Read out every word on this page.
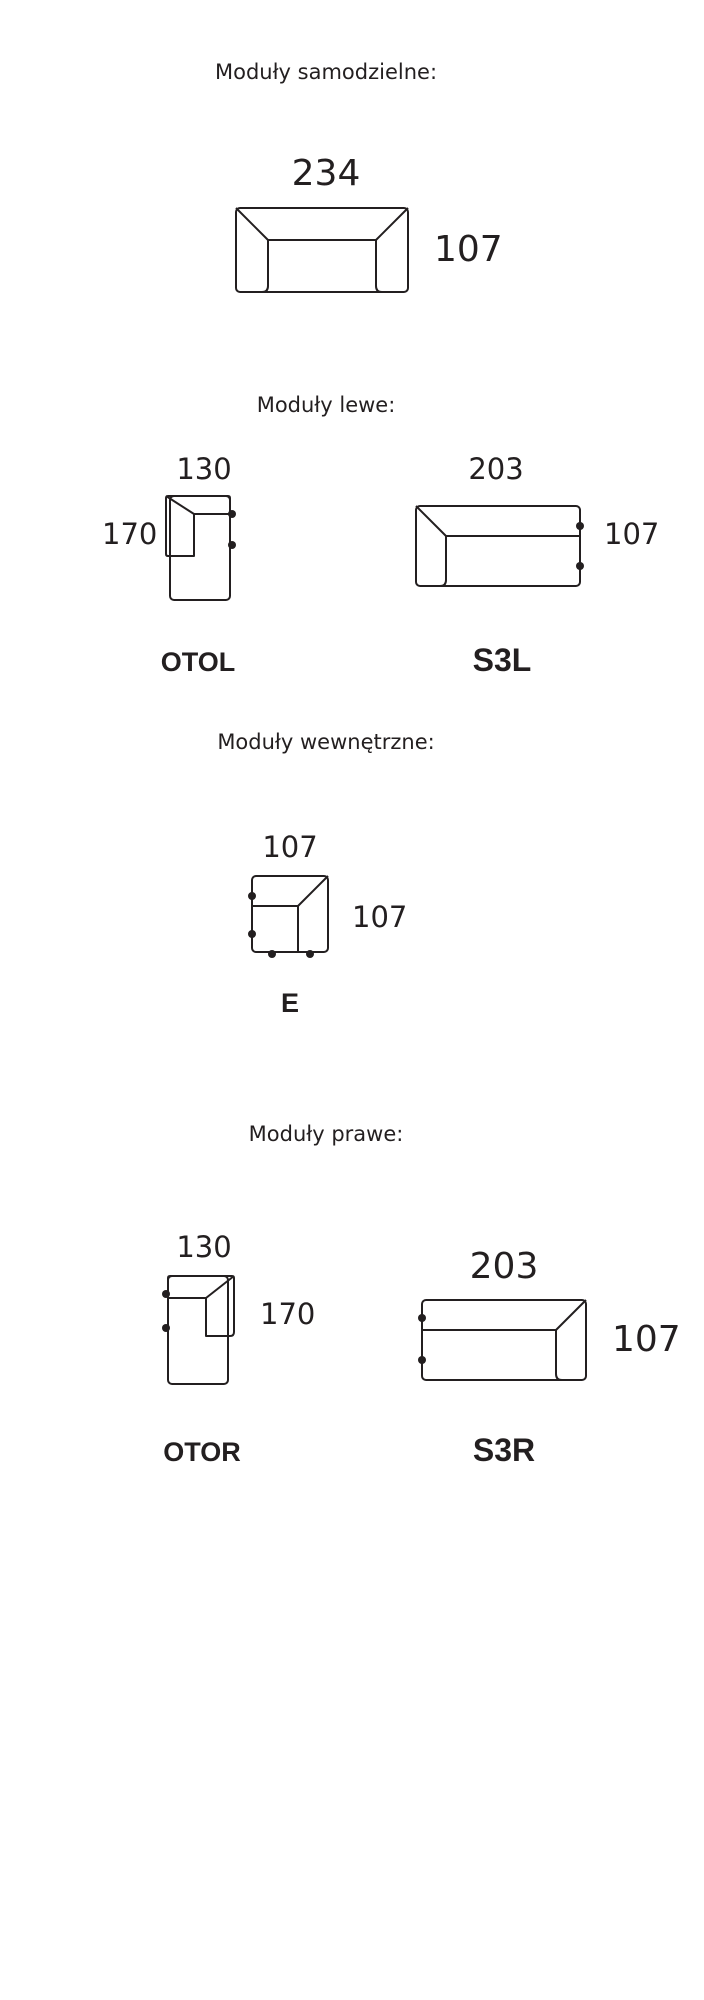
Moduły samodzielne:
234
107
Moduły lewe:
130
170
OTOL
203
107
S3L
Moduły wewnętrzne:
107
107
E
Moduły prawe:
130
170
OTOR
203
107
S3R
